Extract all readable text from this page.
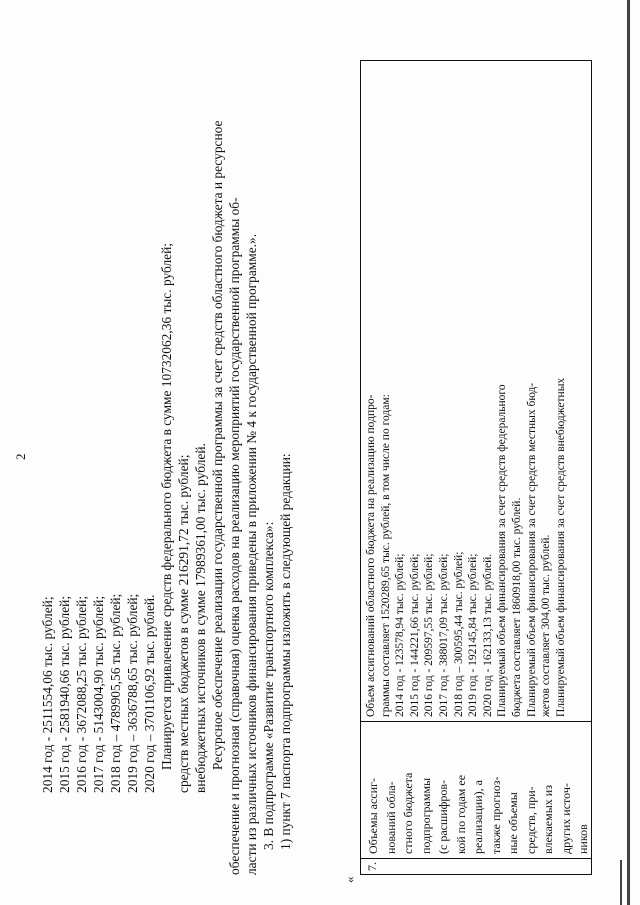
2
2014 год - 2511554,06 тыс. рублей; 2015 год - 2581940,66 тыс. рублей; 2016 год - 3672088,25 тыс. рублей; 2017 год - 5143004,90 тыс. рублей; 2018 год – 4789905,56 тыс. рублей; 2019 год – 3636788,65 тыс. рублей; 2020 год – 3701106,92 тыс. рублей. Планируется привлечение средств федерального бюджета в сумме 10732062,36 тыс. рублей; средств местных бюджетов в сумме 216291,72 тыс. рублей; внебюджетных источников в сумме 17989361,00 тыс. рублей. Ресурсное обеспечение реализации государственной программы за счет средств областного бюджета и ресурсное обеспечение и прогнозная (справочная) оценка расходов на реализацию мероприятий государственной программы об- ласти из различных источников финансирования приведены в приложении № 4 к государственной программе.». 3. В подпрограмме «Развитие транспортного комплекса»: 1) пункт 7 паспорта подпрограммы изложить в следующей редакции:
«
7.
Объемы ассиг- нований обла- стного бюджета подпрограммы (с расшифров- кой по годам ее реализации), а также прогноз- ные объемы средств, при- влекаемых из других источ- ников
Объем ассигнований областного бюджета на реализацию подпро- граммы составляет 1520289,65 тыс. рублей, в том числе по годам: 2014 год - 123578,94 тыс. рублей; 2015 год - 144221,66 тыс. рублей; 2016 год - 209597,55 тыс. рублей; 2017 год - 388017,09 тыс. рублей; 2018 год – 300595,44 тыс. рублей; 2019 год - 192145,84 тыс. рублей; 2020 год - 162133,13 тыс. рублей. Планируемый объем финансирования за счет средств федерального бюджета составляет 1860918,00 тыс. рублей. Планируемый объем финансирования за счет средств местных бюд- жетов составляет 304,00 тыс. рублей. Планируемый объем финансирования за счет средств внебюджетных
